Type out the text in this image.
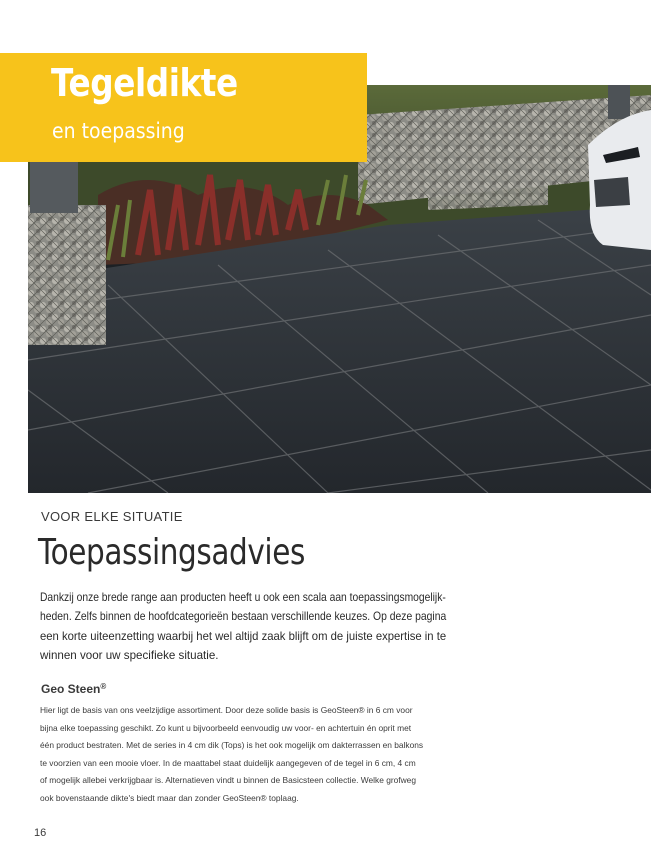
Tegeldikte
en toepassing
VOOR ELKE SITUATIE
Toepassingsadvies
Dankzij onze brede range aan producten heeft u ook een scala aan toepassingsmogelijk-
heden. Zelfs binnen de hoofdcategorieën bestaan verschillende keuzes. Op deze pagina
een korte uiteenzetting waarbij het wel altijd zaak blijft om de juiste expertise in te
winnen voor uw specifieke situatie.
Geo Steen®
Hier ligt de basis van ons veelzijdige assortiment. Door deze solide basis is GeoSteen® in 6 cm voor
bijna elke toepassing geschikt. Zo kunt u bijvoorbeeld eenvoudig uw voor- en achtertuin én oprit met
één product bestraten. Met de series in 4 cm dik (Tops) is het ook mogelijk om dakterrassen en balkons
te voorzien van een mooie vloer. In de maattabel staat duidelijk aangegeven of de tegel in 6 cm, 4 cm
of mogelijk allebei verkrijgbaar is. Alternatieven vindt u binnen de Basicsteen collectie. Welke grofweg
ook bovenstaande dikte's biedt maar dan zonder GeoSteen® toplaag.
16
